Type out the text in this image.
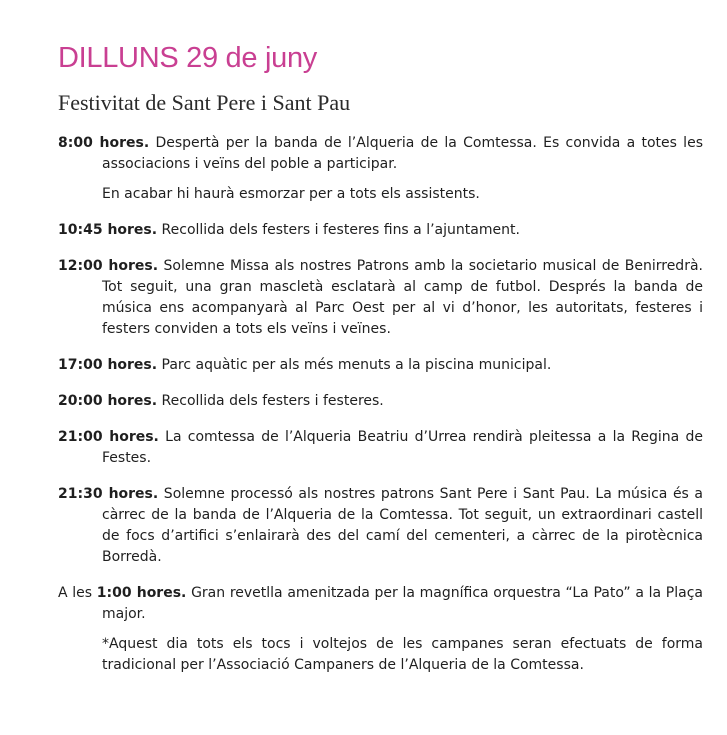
DILLUNS 29 de juny
Festivitat de Sant Pere i Sant Pau

8:00 hores. Despertà per la banda de l’Alqueria de la Comtessa. Es convida a totes les associacions i veïns del poble a participar.

En acabar hi haurà esmorzar per a tots els assistents.

10:45 hores. Recollida dels festers i festeres fins a l’ajuntament.

12:00 hores. Solemne Missa als nostres Patrons amb la societario musical de Benirredrà. Tot seguit, una gran mascletà esclatarà al camp de futbol. Després la banda de música ens acompanyarà al Parc Oest per al vi d’honor, les autoritats, festeres i festers conviden a tots els veïns i veïnes.

17:00 hores. Parc aquàtic per als més menuts a la piscina municipal.

20:00 hores. Recollida dels festers i festeres.

21:00 hores. La comtessa de l’Alqueria Beatriu d’Urrea rendirà pleitessa a la Regina de Festes.

21:30 hores. Solemne processó als nostres patrons Sant Pere i Sant Pau. La música és a càrrec de la banda de l’Alqueria de la Comtessa. Tot seguit, un extraordinari castell de focs d’artifici s’enlairarà des del camí del cementeri, a càrrec de la pirotècnica Borredà.

A les 1:00 hores. Gran revetlla amenitzada per la magnífica orquestra “La Pato” a la Plaça major.

*Aquest dia tots els tocs i voltejos de les campanes seran efectuats de forma tradicional per l’Associació Campaners de l’Alqueria de la Comtessa.
